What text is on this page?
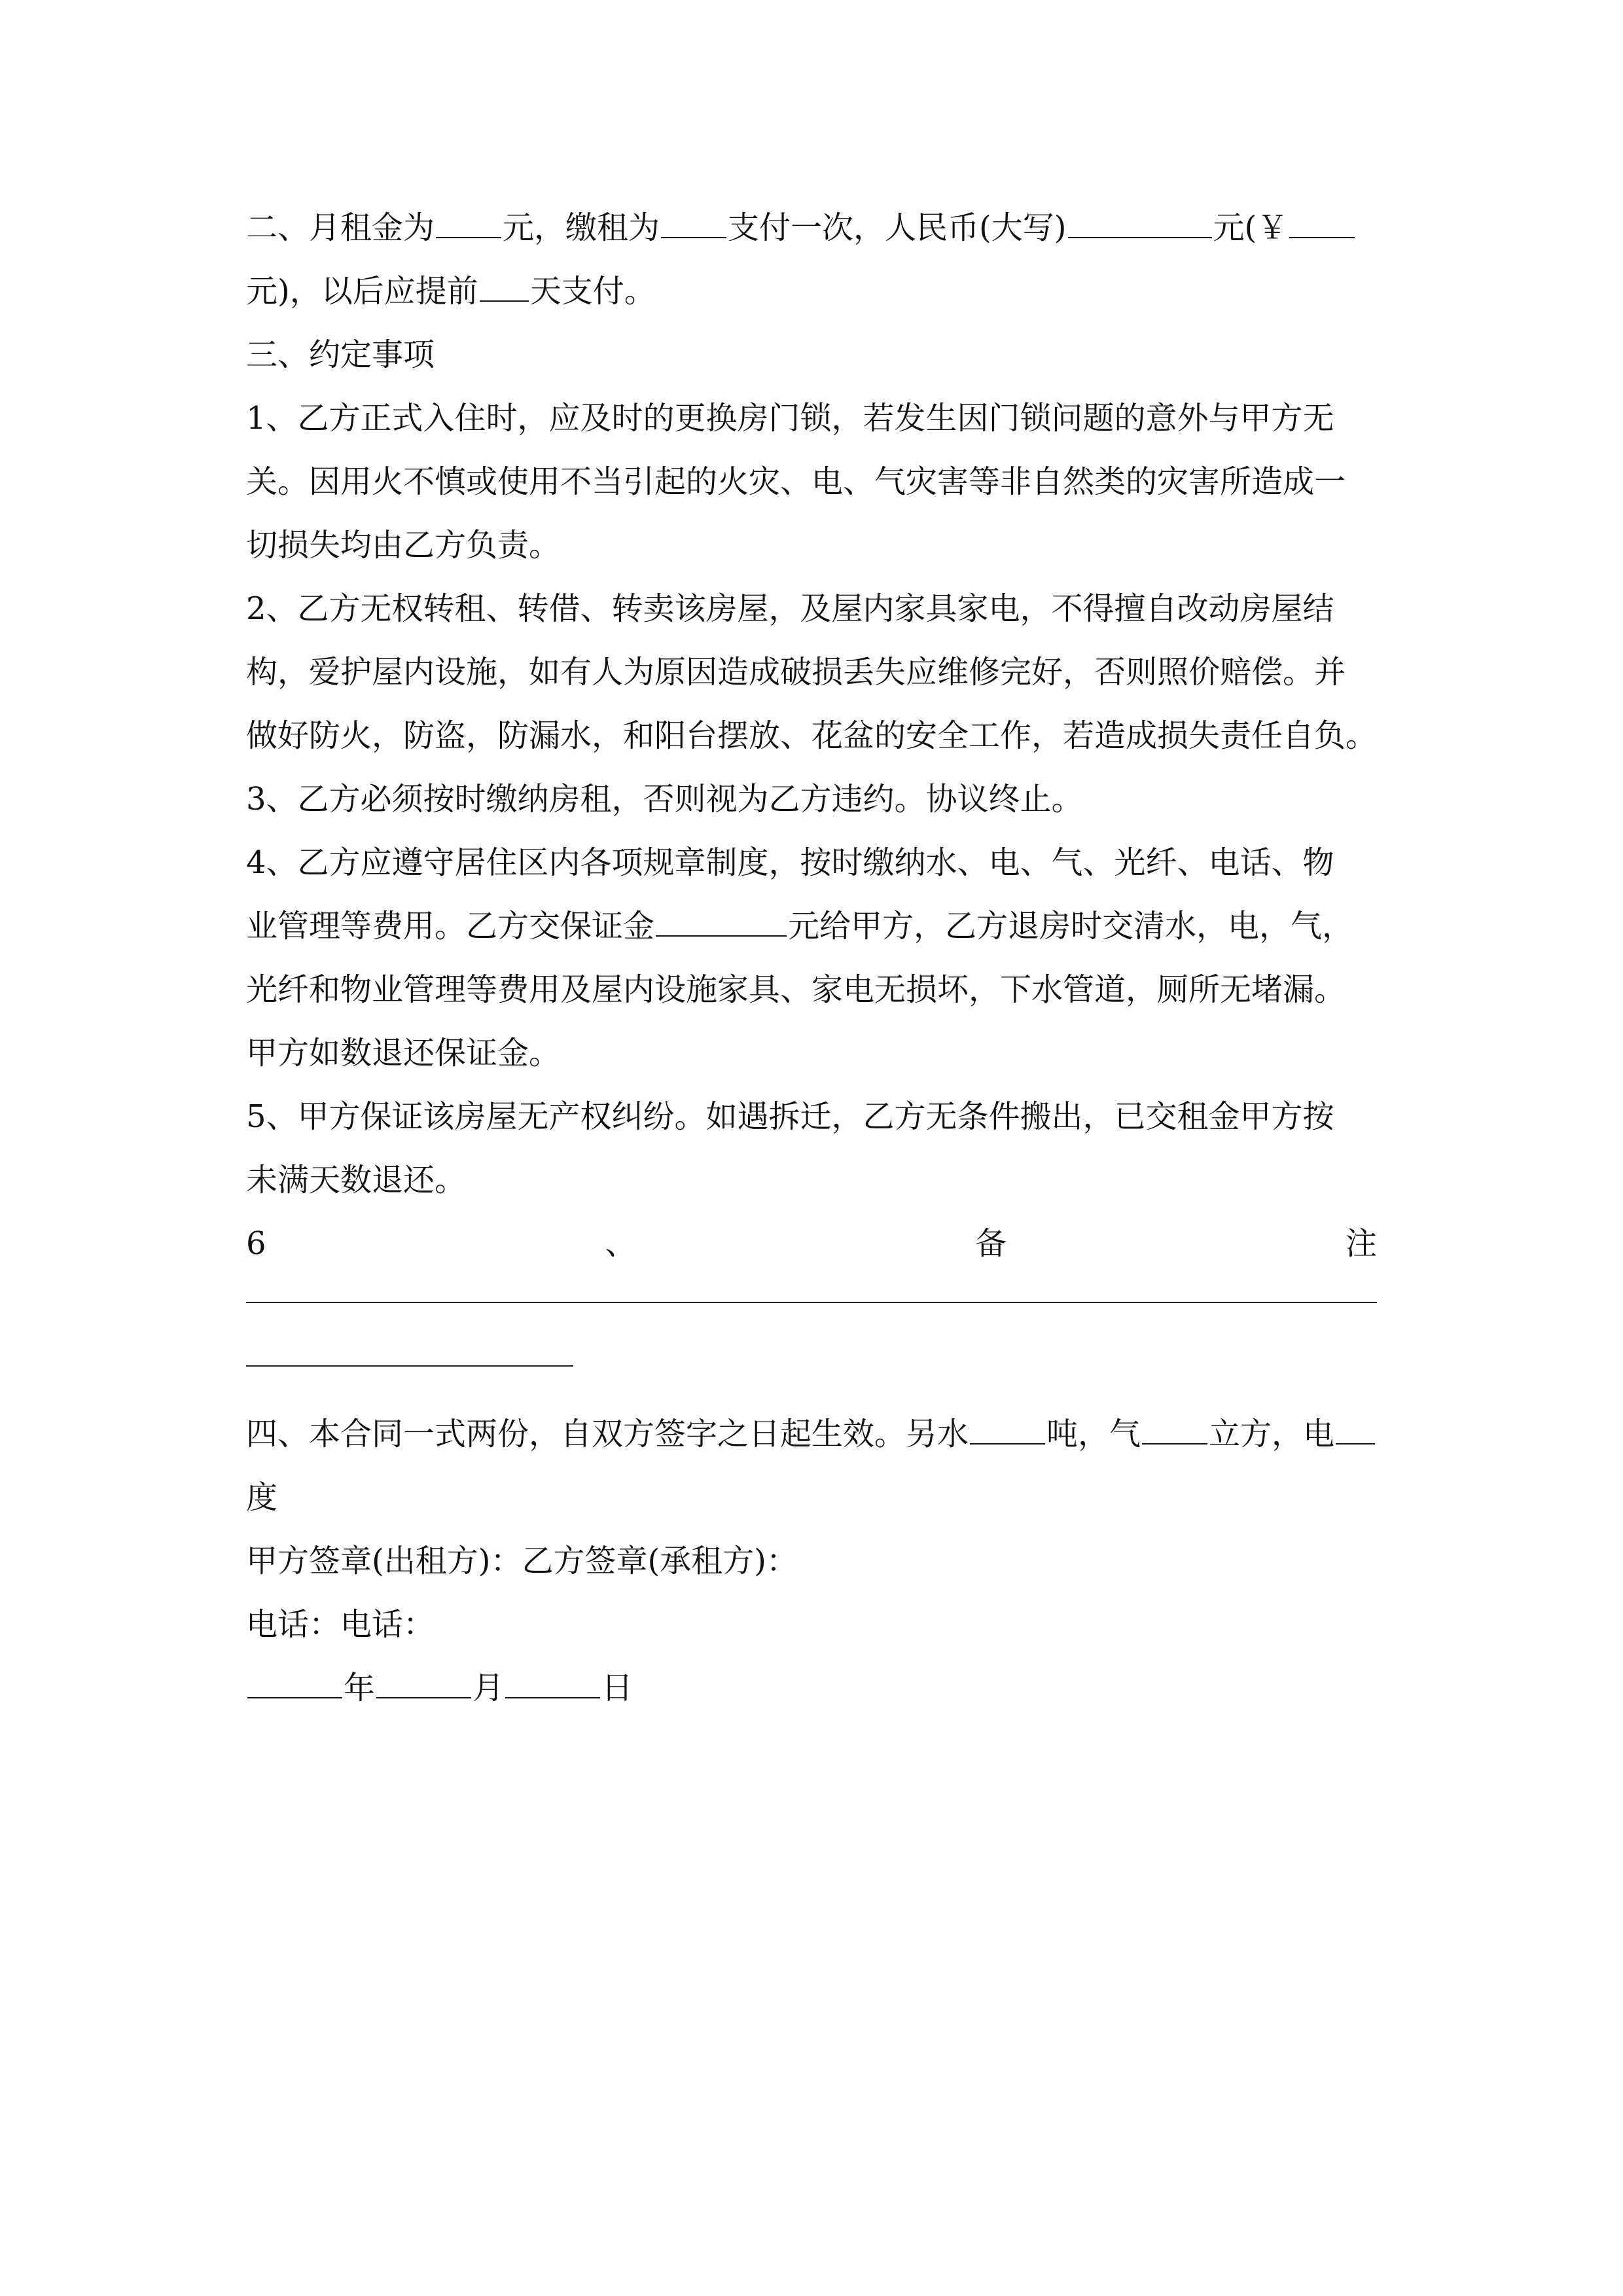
二、月租金为 元，缴租为 支付一次，人民币(大写)	元(￥
元)，以后应提前 天支付。
三、约定事项
1、乙方正式入住时，应及时的更换房门锁，若发生因门锁问题的意外与甲方无
关。因用火不慎或使用不当引起的火灾、电、气灾害等非自然类的灾害所造成一
切损失均由乙方负责。
2、乙方无权转租、转借、转卖该房屋，及屋内家具家电，不得擅自改动房屋结
构，爱护屋内设施，如有人为原因造成破损丢失应维修完好，否则照价赔偿。并
做好防火，防盗，防漏水，和阳台摆放、花盆的安全工作，若造成损失责任自负。
3、乙方必须按时缴纳房租，否则视为乙方违约。协议终止。
4、乙方应遵守居住区内各项规章制度，按时缴纳水、电、气、光纤、电话、物
业管理等费用。乙方交保证金	元给甲方，乙方退房时交清水，电，气，
光纤和物业管理等费用及屋内设施家具、家电无损坏，下水管道，厕所无堵漏。
甲方如数退还保证金。
5、甲方保证该房屋无产权纠纷。如遇拆迁，乙方无条件搬出，已交租金甲方按
未满天数退还。
6	、	备	注
四、本合同一式两份，自双方签字之日起生效。另水 吨，气 立方，电
度
甲方签章(出租方)：乙方签章(承租方)：
电话：电话：
年	月	日
